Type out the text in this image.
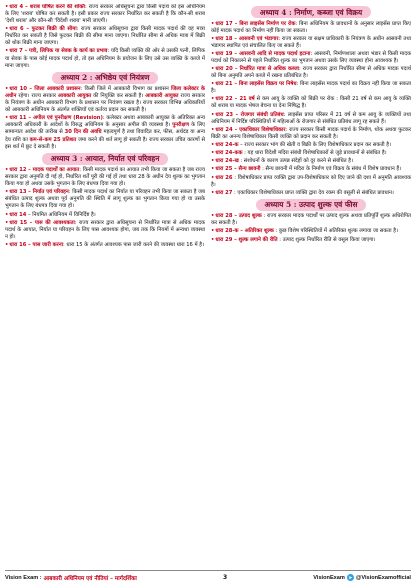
•धारा 4 – शराब घोषित करने की शक्ति: राज्य सरकार अधिसूचना द्वारा किसी पदार्थ को इस अधिनियम के लिए 'शराब' घोषित कर सकती है। इसी प्रकार राज्य सरकार निर्धारित कर सकती है कि कौन-सी शराब 'देशी शराब' और कौन-सी 'विदेशी शराब' मानी जाएगी।

•धारा 6 – फुटकर बिक्री की सीमा: राज्य सरकार अधिसूचना द्वारा किसी मादक पदार्थ की वह मात्रा निर्धारित कर सकती है जिसे फुटकर बिक्री की सीमा माना जाएगा। निर्धारित सीमा से अधिक मात्रा में बिक्री को थोक बिक्री माना जाएगा।

•धारा 7 – पत्री, लिपिक या सेवक के कार्य का प्रभाव: यदि किसी व्यक्ति की ओर से उसकी पत्नी, लिपिक या सेवक के पास कोई मादक पदार्थ हो, तो इस अधिनियम के प्रयोजन के लिए उसे उस व्यक्ति के कब्जे में माना जाएगा।

अध्याय 2 : अभिष्ठेय एवं नियंत्रण

•धारा 10 – जिला आबकारी प्रशासन: किसी जिले में आबकारी विभाग का प्रशासन जिला कलेक्टर के अधीन रहेगा। राज्य सरकार आबकारी आयुक्त की नियुक्ति कर सकती है। आबकारी आयुक्त राज्य सरकार के नियंत्रण के अधीन आबकारी विभाग के प्रशासन पर नियंत्रण रखता है। राज्य सरकार विभिन्न अधिकारियों को आबकारी अधिनियम के अंतर्गत शक्तियाँ एवं कर्तव्य प्रदान कर सकती है।

•धारा 11 – अपील एवं पुनरीक्षण (Revision): कलेक्टर अथवा आबकारी आयुक्त के अतिरिक्त अन्य आबकारी अधिकारी के आदेशों के विरुद्ध अधिनियम के अनुसार अपील की व्यवस्था है। पुनरीक्षण के लिए सामान्यतः आदेश की तारीख से 30 दिन की अवधि महत्वपूर्ण है तथा विवादित कर, फीस, अर्थदंड या अन्य देय राशि का कम-से-कम 25 प्रतिशत जमा करने की शर्त लागू हो सकती है। राज्य सरकार उचित कारणों से इस शर्त में छूट दे सकती है।

अध्याय 3 : आयात, निर्यात एवं परिवहन

•धारा 12 – मादक पदार्थों का आयात: किसी मादक पदार्थ का आयात तभी किया जा सकता है जब राज्य सरकार द्वारा अनुमति दी गई हो, निर्धारित शर्तें पूरी की गई हों तथा धारा 28 के अधीन देय शुल्क का भुगतान किया गया हो अथवा उसके भुगतान के लिए बंधपत्र दिया गया हो।

•धारा 13 – निर्यात एवं परिवहन: किसी मादक पदार्थ का निर्यात या परिवहन तभी किया जा सकता है जब संबंधित उत्पाद शुल्क अथवा पूर्व अनुमति की स्थिति में लागू शुल्क का भुगतान किया गया हो या उसके भुगतान के लिए बंधपत्र दिया गया हो।

•धारा 14 – नियमित अधिनियम में विनिर्दिष्ट है।

•धारा 15 – पास की आवश्यकता: राज्य सरकार द्वारा अधिसूचना से निर्धारित मात्रा से अधिक मादक पदार्थ के आयात, निर्यात या परिवहन के लिए पास आवश्यक होगा, जब तक कि नियमों में अन्यथा व्यवस्था न हो।

•धारा 16 – पास जारी करना: धारा 15 के अंतर्गत आवश्यक पास जारी करने की व्यवस्था धारा 16 में है।

अध्याय 4 : निर्माण, कब्जा एवं विक्रय

•धारा 17 – बिना लाइसेंस निर्माण पर रोक: बिना अधिनियम के प्रावधानों के अनुसार लाइसेंस प्राप्त किए कोई मादक पदार्थ का निर्माण नहीं किया जा सकता।

•धारा 18 – आसवनी एवं भंडागार: राज्य सरकार या सक्षम प्राधिकारी के नियंत्रण के अधीन आसवनी तथा भंडागार स्थापित एवं संचालित किए जा सकते हैं।

•धारा 19 – आसवनी आदि से मादक पदार्थ हटाना: आसवनी, निर्माणशाला अथवा भंडार से किसी मादक पदार्थ को निकालने से पहले निर्धारित शुल्क का भुगतान अथवा उसके लिए व्यवस्था होना आवश्यक है।

•धारा 20 – निर्धारित मात्रा से अधिक कब्जा: राज्य सरकार द्वारा निर्धारित सीमा से अधिक मादक पदार्थ को बिना अनुमति अपने कब्जे में रखना प्रतिबंधित है।

•धारा 21 – बिना लाइसेंस विक्रय पर निषेध: बिना लाइसेंस मादक पदार्थ का विक्रय नहीं किया जा सकता है।

•धारा 22 – 21 वर्ष से कम आयु के व्यक्ति को बिक्री पर रोक : किसी 21 वर्ष से कम आयु के व्यक्ति को शराब या मादक भेषज बेचना या देना निषिद्ध है।

•धारा 23 – रोजगार संबंधी प्रतिबंध: लाइसेंस प्राप्त परिसर में 21 वर्ष से कम आयु के व्यक्तियों तथा अधिनियम में निर्दिष्ट परिस्थितियों में महिलाओं के रोजगार से संबंधित प्रतिबंध लागू रह सकते हैं।

•धारा 24 – एकाधिकार विशेषाधिकार: राज्य सरकार किसी मादक पदार्थ के निर्माण, थोक अथवा फुटकर बिक्री का अनन्य विशेषाधिकार किसी व्यक्ति को प्रदान कर सकती है।

•धारा 24-क – राज्य सरकार भांग की खेती व बिक्री के लिए विशेषाधिकार प्रदान कर सकती है।

•धारा 24-कक : यह धारा विदेशी मदिरा संबंधी विशेषाधिकारों से जुड़े प्रावधानों से संबंधित है।

•धारा 24-ख : संशोधनों के कारण उत्पन्न संदेहों को दूर करने से संबंधित है।

•धारा 25 – सैन्य छावनी : सैन्य छावनी में मदिरा के निर्माण एवं विक्रय के संबंध में विशेष प्रावधान हैं।

•धारा 26 : विशेषाधिकार प्राप्त व्यक्ति द्वारा उप-विशेषाधिकार को दिए जाने की दशा में अनुमति आवश्यक है।

•धारा 27 : एकाधिकार विशेषाधिकार प्राप्त व्यक्ति द्वारा देय रकम की वसूली से संबंधित प्रावधान।

अध्याय 5 : उत्पाद शुल्क एवं फीस

•धारा 28 – उत्पाद शुल्क : राज्य सरकार मादक पदार्थों पर उत्पाद शुल्क अथवा प्रतिपूर्ति शुल्क अधिरोपित कर सकती है।

•धारा 28-क – अतिरिक्त शुल्क : कुछ विशेष परिस्थितियों में अतिरिक्त शुल्क लगाया जा सकता है।

•धारा 29 – शुल्क लगाने की रीति : उत्पाद शुल्क निर्धारित रीति से वसूल किया जाएगा।

Vision Exam : आबकारी अधिनियम एवं नीतियां – मार्गदर्शिका	3	VisionExam ➤ @VisionExamofficial
